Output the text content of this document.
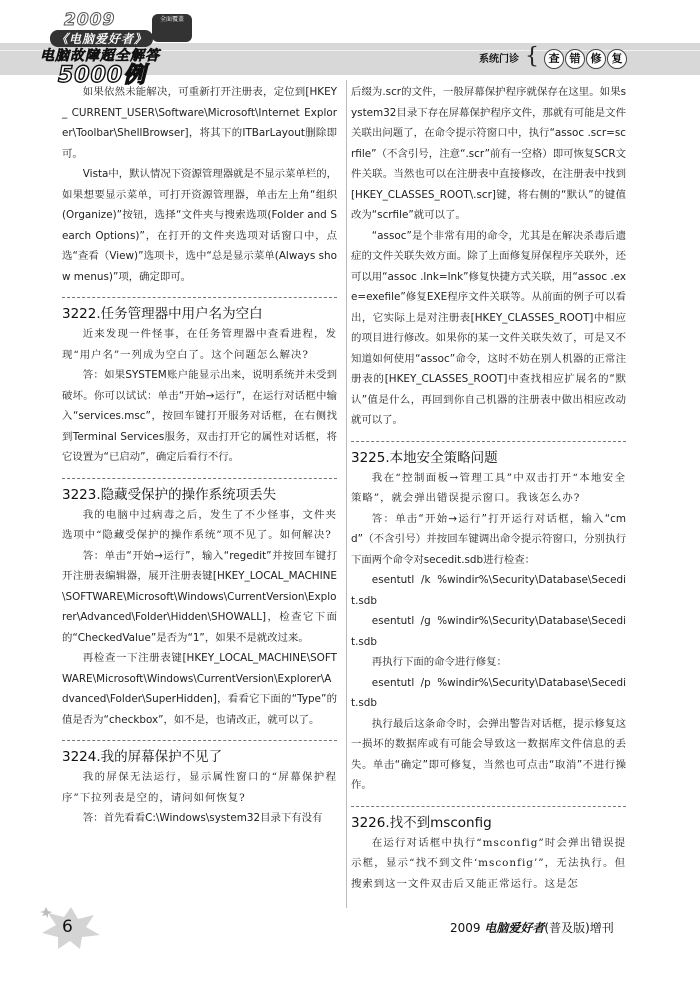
2009
《电脑爱好者》
电脑故障超全解答
5000例
全面覆盖
系统门诊 { 查 错 修 复

如果依然未能解决，可重新打开注册表，定位到[HKEY_ CURRENT_USER\Software\Microsoft\Internet Explorer\Toolbar\ShellBrowser]，将其下的ITBarLayout删除即可。

Vista中，默认情况下资源管理器就是不显示菜单栏的，如果想要显示菜单，可打开资源管理器，单击左上角“组织(Organize)”按钮，选择“文件夹与搜索选项(Folder and Search Options)”，在打开的文件夹选项对话窗口中，点选“查看（View)”选项卡，选中“总是显示菜单(Always show menus)”项，确定即可。

3222.任务管理器中用户名为空白

近来发现一件怪事，在任务管理器中查看进程，发现“用户名”一列成为空白了。这个问题怎么解决?

答：如果SYSTEM账户能显示出来，说明系统并未受到破坏。你可以试试：单击“开始→运行”，在运行对话框中输入“services.msc”，按回车键打开服务对话框，在右侧找到Terminal Services服务，双击打开它的属性对话框，将它设置为“已启动”，确定后看行不行。

3223.隐藏受保护的操作系统项丢失

我的电脑中过病毒之后，发生了不少怪事，文件夹选项中“隐藏受保护的操作系统”项不见了。如何解决?

答：单击“开始→运行”，输入“regedit”并按回车键打开注册表编辑器，展开注册表键[HKEY_LOCAL_MACHINE\SOFTWARE\Microsoft\Windows\CurrentVersion\Explorer\Advanced\Folder\Hidden\SHOWALL]，检查它下面的“CheckedValue”是否为“1”，如果不是就改过来。

再检查一下注册表键[HKEY_LOCAL_MACHINE\SOFTWARE\Microsoft\Windows\CurrentVersion\Explorer\Advanced\Folder\SuperHidden]，看看它下面的“Type”的值是否为“checkbox”，如不是，也请改正，就可以了。

3224.我的屏幕保护不见了

我的屏保无法运行，显示属性窗口的“屏幕保护程序”下拉列表是空的，请问如何恢复?

答：首先看看C:\Windows\system32目录下有没有

后缀为.scr的文件，一般屏幕保护程序就保存在这里。如果system32目录下存在屏幕保护程序文件，那就有可能是文件关联出问题了，在命令提示符窗口中，执行“assoc .scr=scrfile”（不含引号，注意“.scr”前有一空格）即可恢复SCR文件关联。当然也可以在注册表中直接修改，在注册表中找到[HKEY_CLASSES_ROOT\.scr]键，将右侧的“默认”的键值改为“scrfile”就可以了。

“assoc”是个非常有用的命令，尤其是在解决杀毒后遗症的文件关联失效方面。除了上面修复屏保程序关联外，还可以用“assoc .lnk=lnk”修复快捷方式关联，用“assoc .exe=exefile”修复EXE程序文件关联等。从前面的例子可以看出，它实际上是对注册表[HKEY_CLASSES_ROOT]中相应的项目进行修改。如果你的某一文件关联失效了，可是又不知道如何使用“assoc”命令，这时不妨在别人机器的正常注册表的[HKEY_CLASSES_ROOT]中查找相应扩展名的“默认”值是什么，再回到你自己机器的注册表中做出相应改动就可以了。

3225.本地安全策略问题

我在“控制面板→管理工具”中双击打开“本地安全策略”，就会弹出错误提示窗口。我该怎么办?

答：单击“开始→运行”打开运行对话框，输入“cmd”（不含引号）并按回车键调出命令提示符窗口，分别执行下面两个命令对secedit.sdb进行检查：

esentutl /k %windir%\Security\Database\Secedit.sdb

esentutl /g %windir%\Security\Database\Secedit.sdb

再执行下面的命令进行修复：

esentutl /p %windir%\Security\Database\Secedit.sdb

执行最后这条命令时，会弹出警告对话框，提示修复这一损坏的数据库或有可能会导致这一数据库文件信息的丢失。单击“确定”即可修复，当然也可点击“取消”不进行操作。

3226.找不到msconfig

在运行对话框中执行“msconfig”时会弹出错误提示框，显示“找不到文件‘msconfig’”，无法执行。但搜索到这一文件双击后又能正常运行。这是怎

6	2009 电脑爱好者(普及版)增刊
